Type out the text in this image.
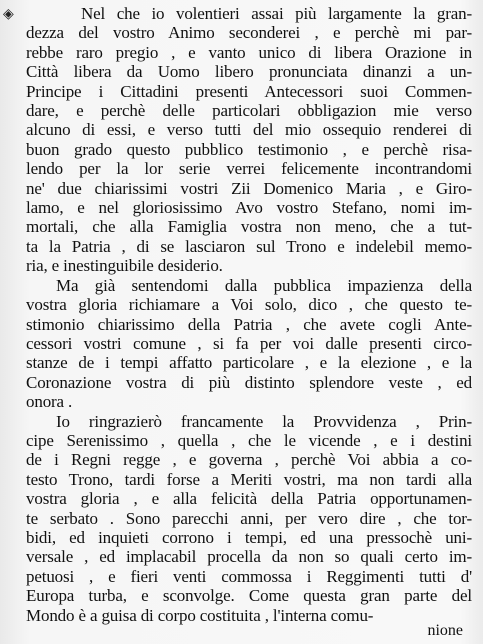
◈	Nel che io volentieri assai più largamente la gran-
dezza del vostro Animo seconderei , e perchè mi par-
rebbe raro pregio , e vanto unico di libera Orazione in
Città libera da Uomo libero pronunciata dinanzi a un-
Principe i Cittadini presenti Antecessori suoi Commen-
dare, e perchè delle particolari obbligazion mie verso
alcuno di essi, e verso tutti del mio ossequio renderei di
buon grado questo pubblico testimonio , e perchè risa-
lendo per la lor serie verrei felicemente incontrandomi
ne' due chiarissimi vostri Zii Domenico Maria , e Giro-
lamo, e nel gloriosissimo Avo vostro Stefano, nomi im-
mortali, che alla Famiglia vostra non meno, che a tut-
ta la Patria , di se lasciaron sul Trono e indelebil memo-
ria, e inestinguibile desiderio.
Ma già sentendomi dalla pubblica impazienza della
vostra gloria richiamare a Voi solo, dico , che questo te-
stimonio chiarissimo della Patria , che avete cogli Ante-
cessori vostri comune , si fa per voi dalle presenti circo-
stanze de i tempi affatto particolare , e la elezione , e la
Coronazione vostra di più distinto splendore veste , ed
onora .
Io ringrazierò francamente la Provvidenza , Prin-
cipe Serenissimo , quella , che le vicende , e i destini
de i Regni regge , e governa , perchè Voi abbia a co-
testo Trono, tardi forse a Meriti vostri, ma non tardi alla
vostra gloria , e alla felicità della Patria opportunamen-
te serbato . Sono parecchi anni, per vero dire , che tor-
bidi, ed inquieti corrono i tempi, ed una pressochè uni-
versale , ed implacabil procella da non so quali certo im-
petuosi , e fieri venti commossa i Reggimenti tutti d'
Europa turba, e sconvolge. Come questa gran parte del
Mondo è a guisa di corpo costituita , l'interna comu-
nione
